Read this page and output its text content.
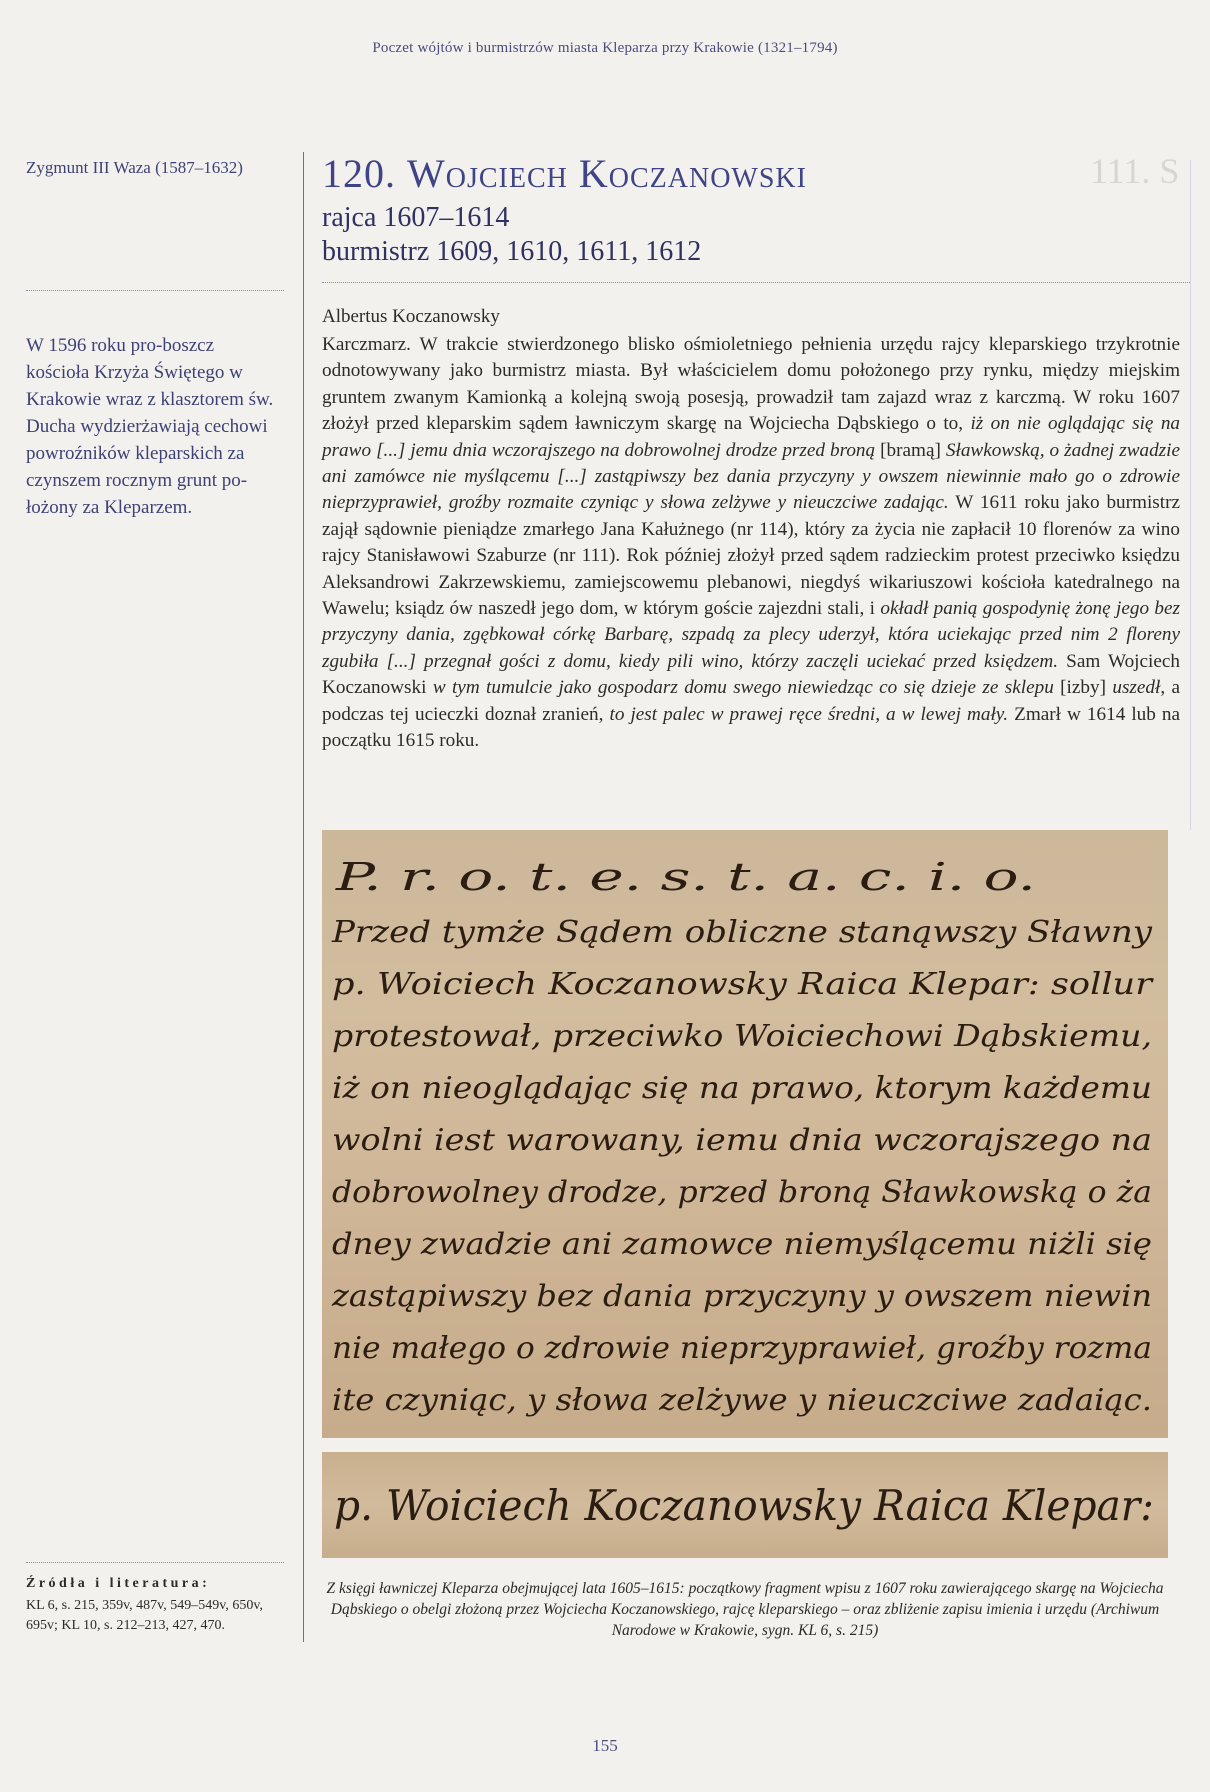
111. S
Poczet wójtów i burmistrzów miasta Kleparza przy Krakowie (1321–1794)
Zygmunt III Waza (1587–1632)
W 1596 roku pro-boszcz kościoła Krzyża Świętego w Krakowie wraz z klasztorem św. Ducha wydzierżawiają cechowi powroźników kleparskich za czynszem rocznym grunt po-łożony za Kleparzem.
120. Wojciech Koczanowski
rajca 1607–1614
burmistrz 1609, 1610, 1611, 1612
Albertus Koczanowsky
Karczmarz. W trakcie stwierdzonego blisko ośmioletniego pełnienia urzędu rajcy kleparskiego trzykrotnie odnotowywany jako burmistrz miasta. Był właścicielem domu położonego przy rynku, między miejskim gruntem zwanym Kamionką a kolejną swoją posesją, prowadził tam zajazd wraz z karczmą. W roku 1607 złożył przed kleparskim sądem ławniczym skargę na Wojciecha Dąbskiego o to, iż on nie oglądając się na prawo [...] jemu dnia wczorajszego na dobrowolnej drodze przed broną [bramą] Sławkowską, o żadnej zwadzie ani zamówce nie myślącemu [...] zastąpiwszy bez dania przyczyny y owszem niewinnie mało go o zdrowie nieprzyprawieł, groźby rozmaite czyniąc y słowa zelżywe y nieuczciwe zadając. W 1611 roku jako burmistrz zajął sądownie pieniądze zmarłego Jana Kałużnego (nr 114), który za życia nie zapłacił 10 florenów za wino rajcy Stanisławowi Szaburze (nr 111). Rok później złożył przed sądem radzieckim protest przeciwko księdzu Aleksandrowi Zakrzewskiemu, zamiejscowemu plebanowi, niegdyś wikariuszowi kościoła katedralnego na Wawelu; ksiądz ów naszedł jego dom, w którym goście zajezdni stali, i okładł panią gospodynię żonę jego bez przyczyny dania, zgębkował córkę Barbarę, szpadą za plecy uderzył, która uciekając przed nim 2 floreny zgubiła [...] przegnał gości z domu, kiedy pili wino, którzy zaczęli uciekać przed księdzem. Sam Wojciech Koczanowski w tym tumulcie jako gospodarz domu swego niewiedząc co się dzieje ze sklepu [izby] uszedł, a podczas tej ucieczki doznał zranień, to jest palec w prawej ręce średni, a w lewej mały. Zmarł w 1614 lub na początku 1615 roku.
P. r. o. t. e. s. t. a. c. i. o.
Przed tymże Sądem obliczne stanąwszy Sławny
p. Woiciech Koczanowsky Raica Klepar: sollur
protestował, przeciwko Woiciechowi Dąbskiemu,
iż on nieoglądając się na prawo, ktorym każdemu
wolni iest warowany, iemu dnia wczorajszego na
dobrowolney drodze, przed broną Sławkowską o ża
dney zwadzie ani zamowce niemyślącemu niżli się
zastąpiwszy bez dania przyczyny y owszem niewin
nie małego o zdrowie nieprzyprawieł, groźby rozma
ite czyniąc, y słowa zelżywe y nieuczciwe zadaiąc.
p. Woiciech Koczanowsky Raica Klepar:
Źródła i literatura:
KL 6, s. 215, 359v, 487v, 549–549v, 650v, 695v; KL 10, s. 212–213, 427, 470.
Z księgi ławniczej Kleparza obejmującej lata 1605–1615: początkowy fragment wpisu z 1607 roku zawierającego skargę na Wojciecha Dąbskiego o obelgi złożoną przez Wojciecha Koczanowskiego, rajcę kleparskiego – oraz zbliżenie zapisu imienia i urzędu (Archiwum Narodowe w Krakowie, sygn. KL 6, s. 215)
155
